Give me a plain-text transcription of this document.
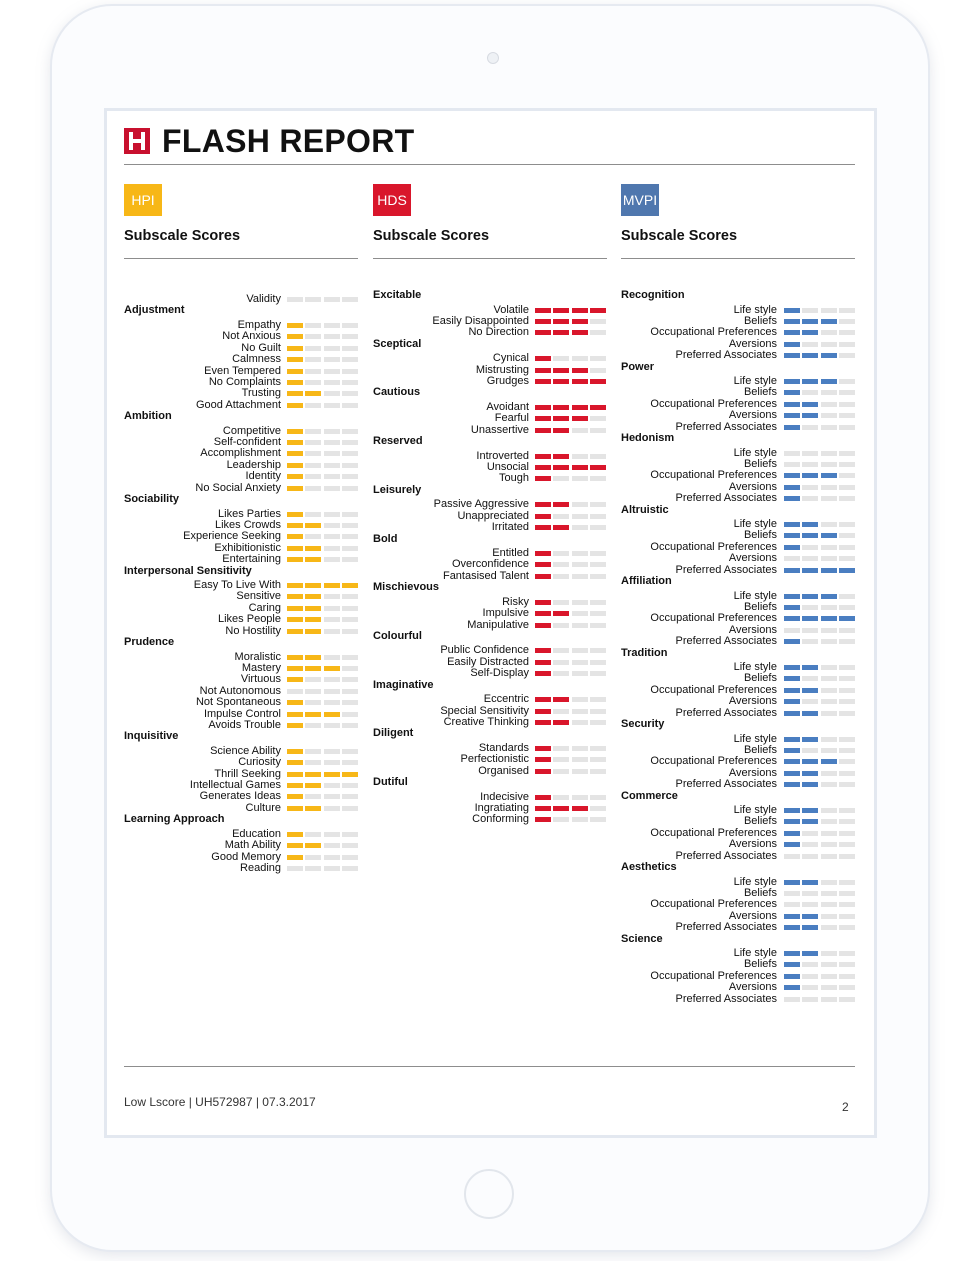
FLASH REPORT
HPI
Subscale Scores
Validity
Adjustment
Empathy
Not Anxious
No Guilt
Calmness
Even Tempered
No Complaints
Trusting
Good Attachment
Ambition
Competitive
Self-confident
Accomplishment
Leadership
Identity
No Social Anxiety
Sociability
Likes Parties
Likes Crowds
Experience Seeking
Exhibitionistic
Entertaining
Interpersonal Sensitivity
Easy To Live With
Sensitive
Caring
Likes People
No Hostility
Prudence
Moralistic
Mastery
Virtuous
Not Autonomous
Not Spontaneous
Impulse Control
Avoids Trouble
Inquisitive
Science Ability
Curiosity
Thrill Seeking
Intellectual Games
Generates Ideas
Culture
Learning Approach
Education
Math Ability
Good Memory
Reading
HDS
Subscale Scores
Excitable
Volatile
Easily Disappointed
No Direction
Sceptical
Cynical
Mistrusting
Grudges
Cautious
Avoidant
Fearful
Unassertive
Reserved
Introverted
Unsocial
Tough
Leisurely
Passive Aggressive
Unappreciated
Irritated
Bold
Entitled
Overconfidence
Fantasised Talent
Mischievous
Risky
Impulsive
Manipulative
Colourful
Public Confidence
Easily Distracted
Self-Display
Imaginative
Eccentric
Special Sensitivity
Creative Thinking
Diligent
Standards
Perfectionistic
Organised
Dutiful
Indecisive
Ingratiating
Conforming
MVPI
Subscale Scores
Recognition
Life style
Beliefs
Occupational Preferences
Aversions
Preferred Associates
Power
Life style
Beliefs
Occupational Preferences
Aversions
Preferred Associates
Hedonism
Life style
Beliefs
Occupational Preferences
Aversions
Preferred Associates
Altruistic
Life style
Beliefs
Occupational Preferences
Aversions
Preferred Associates
Affiliation
Life style
Beliefs
Occupational Preferences
Aversions
Preferred Associates
Tradition
Life style
Beliefs
Occupational Preferences
Aversions
Preferred Associates
Security
Life style
Beliefs
Occupational Preferences
Aversions
Preferred Associates
Commerce
Life style
Beliefs
Occupational Preferences
Aversions
Preferred Associates
Aesthetics
Life style
Beliefs
Occupational Preferences
Aversions
Preferred Associates
Science
Life style
Beliefs
Occupational Preferences
Aversions
Preferred Associates
Low Lscore | UH572987 | 07.3.2017	2
